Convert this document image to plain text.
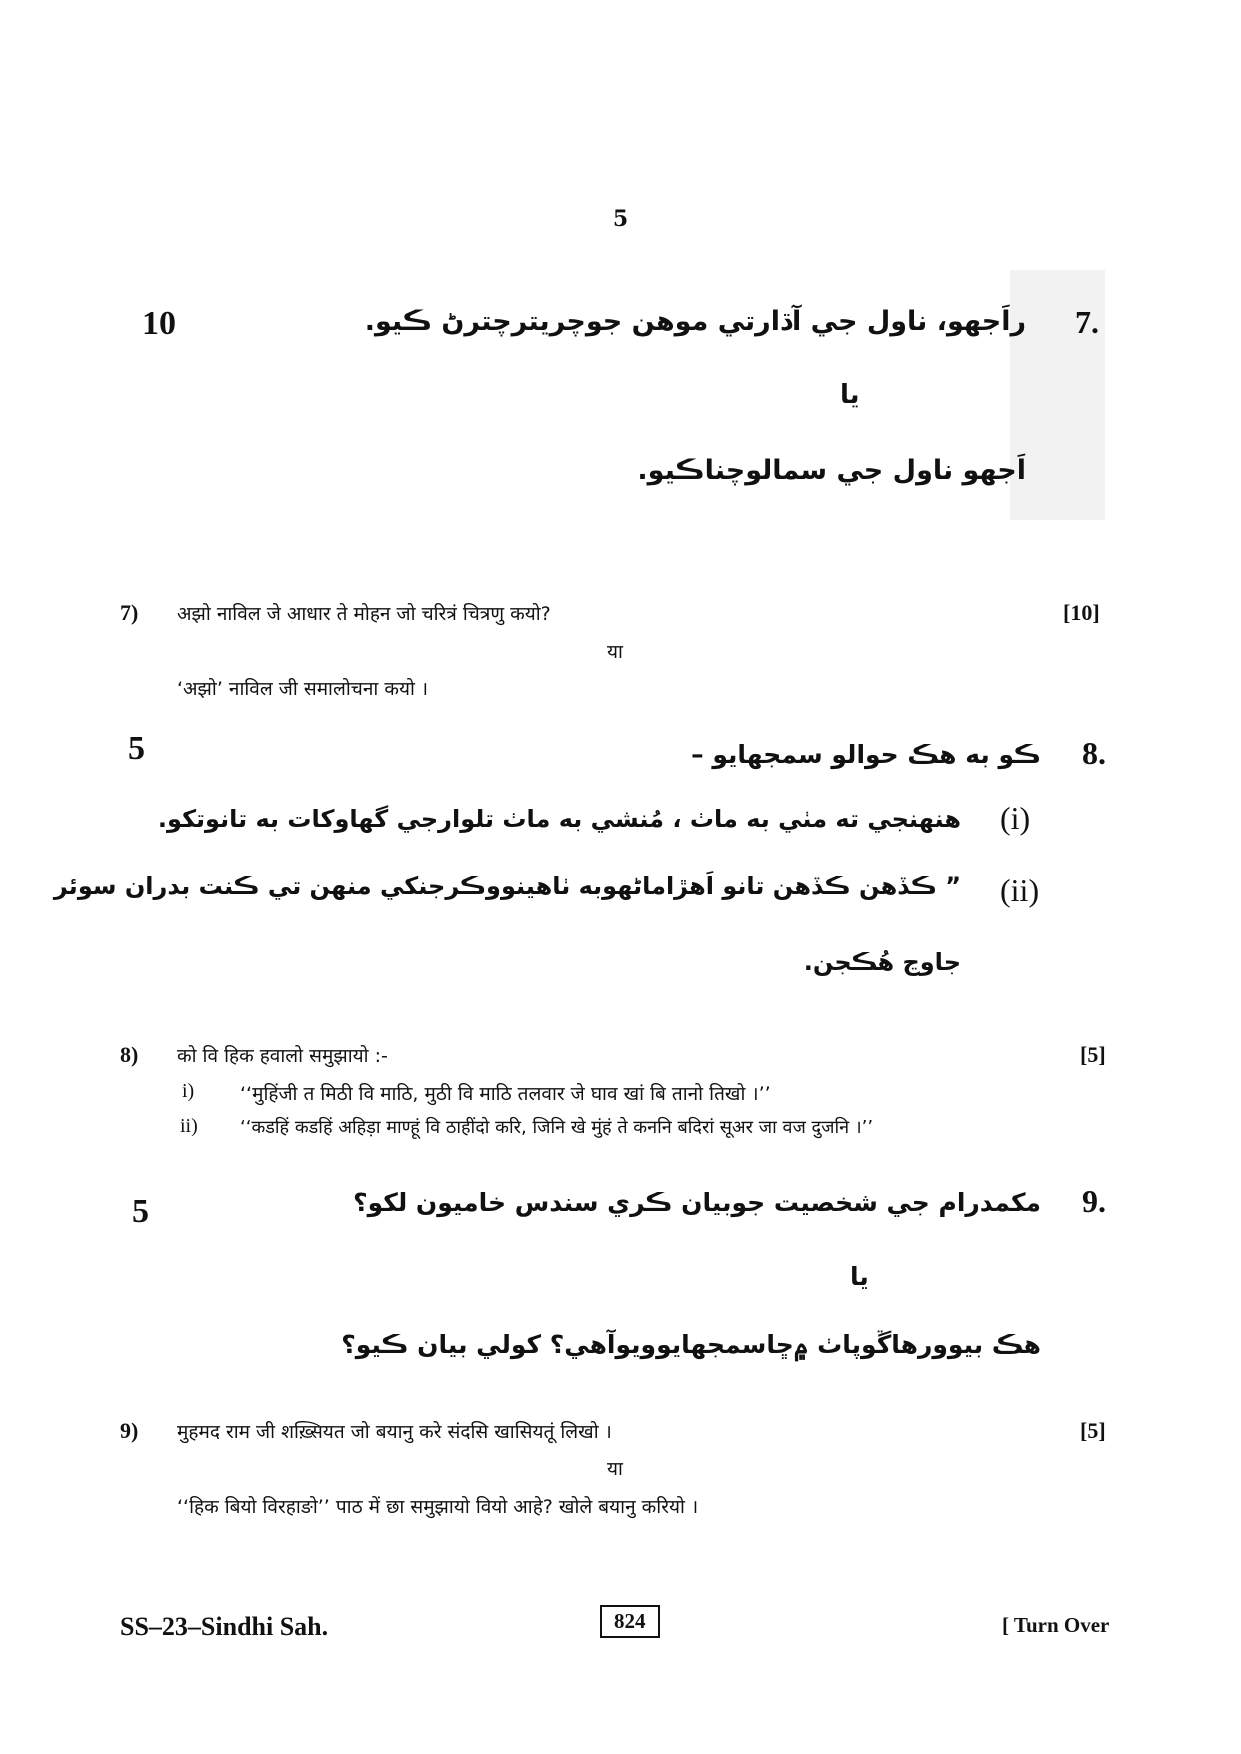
5
10	7.
راَجهو، ناول جي آڌارتي موهن جوچريترچترڻ ڪيو.
يا
اَجهو ناول جي سمالوچناڪيو.
7) अझो नाविल जे आधार ते मोहन जो चरित्रं चित्रणु कयो?	[10]
या
‘अझो’ नाविल जी समालोचना कयो ।
5	8.
ڪو به هڪ حوالو سمجهايو –
(i)
هنهنجي ته مٺي به ماٺ ، مُنشي به ماٺ تلوارجي گهاوکات به تانوتکو.
(ii)
” ڪڏهن ڪڏهن تانو اَهڙاماڻهوبه ٺاهينووڪرجنکي منهن تي ڪنت بدران سوئر
جاوڃ هُڪجن.
8) को वि हिक हवालो समुझायो :-	[5]
i) ‘‘मुहिंजी त मिठी वि माठि, मुठी वि माठि तलवार जे घाव खां बि तानो तिखो ।’’
ii) ‘‘कडहिं कडहिं अहिड़ा माण्हूं वि ठाहींदो करि, जिनि खे मुंहं ते कननि बदिरां सूअर जा वज दुजनि ।’’
5	9.
مکمدرام جي شخصيت جوبيان ڪري سندس خاميون لکو؟
يا
هڪ بيوورهاڱوپاٺ ۾ڇاسمجهايوويوآهي؟ کولي بيان ڪيو؟
9) मुहमद राम जी शख़्सियत जो बयानु करे संदसि खासियतूं लिखो ।	[5]
या
‘‘हिक बियो विरहाङो’’ पाठ में छा समुझायो वियो आहे? खोले बयानु करियो ।
SS–23–Sindhi Sah.	824	[ Turn Over
